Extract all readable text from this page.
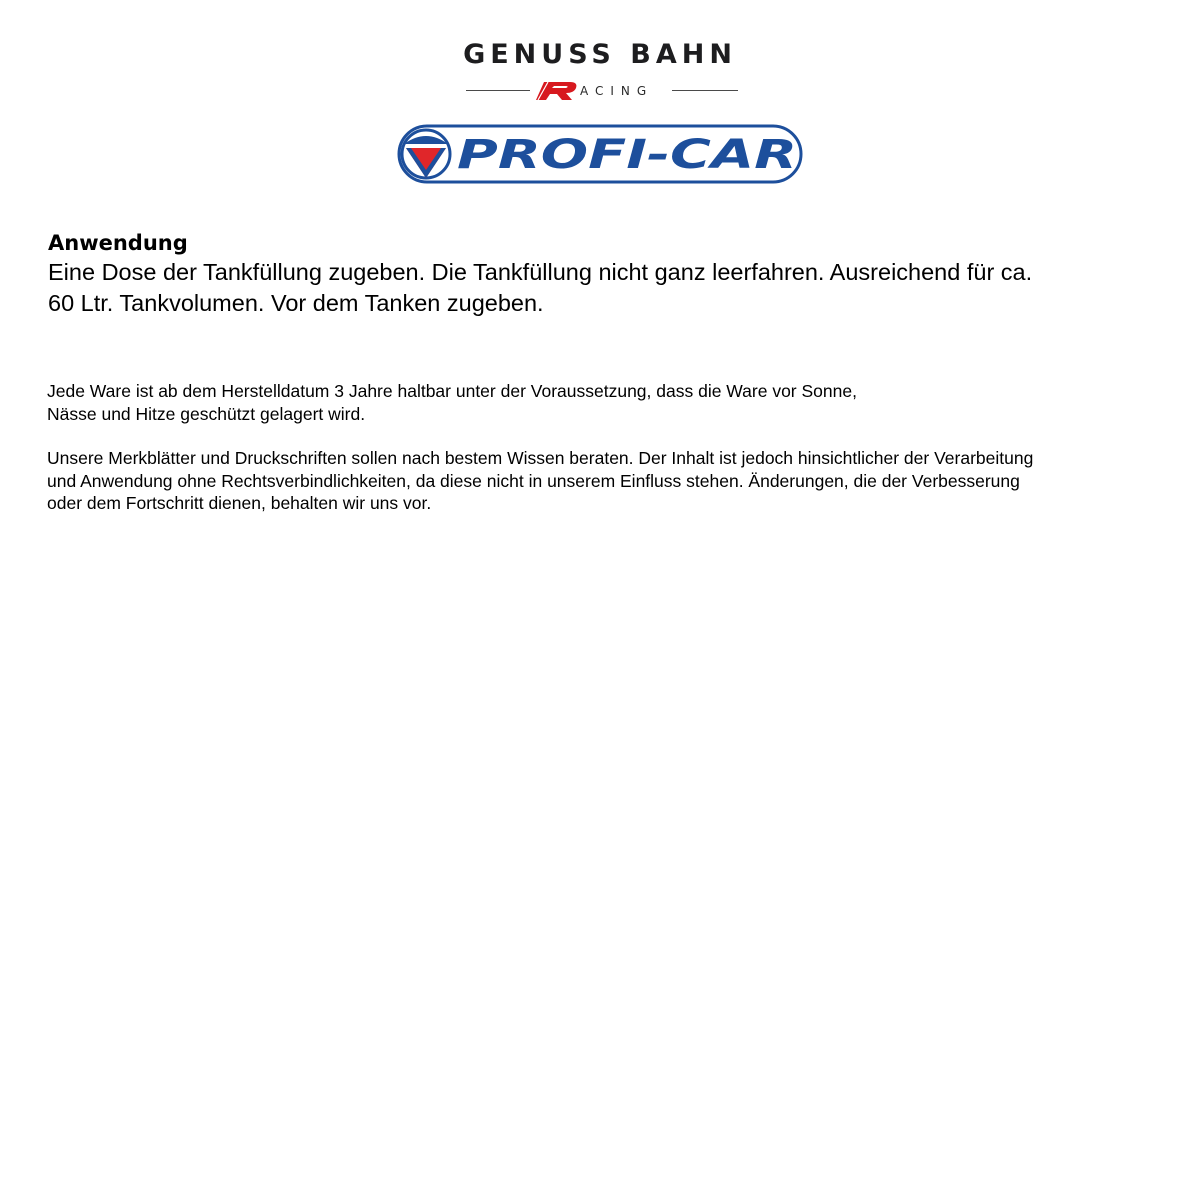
GENUSS BAHN
ACING
PROFI-CAR

Anwendung

Eine Dose der Tankfüllung zugeben. Die Tankfüllung nicht ganz leerfahren. Ausreichend für ca.

60 Ltr. Tankvolumen. Vor dem Tanken zugeben.

Jede Ware ist ab dem Herstelldatum 3 Jahre haltbar unter der Voraussetzung, dass die Ware vor Sonne,
Nässe und Hitze geschützt gelagert wird.

Unsere Merkblätter und Druckschriften sollen nach bestem Wissen beraten. Der Inhalt ist jedoch hinsichtlicher der Verarbeitung
und Anwendung ohne Rechtsverbindlichkeiten, da diese nicht in unserem Einfluss stehen. Änderungen, die der Verbesserung
oder dem Fortschritt dienen, behalten wir uns vor.
